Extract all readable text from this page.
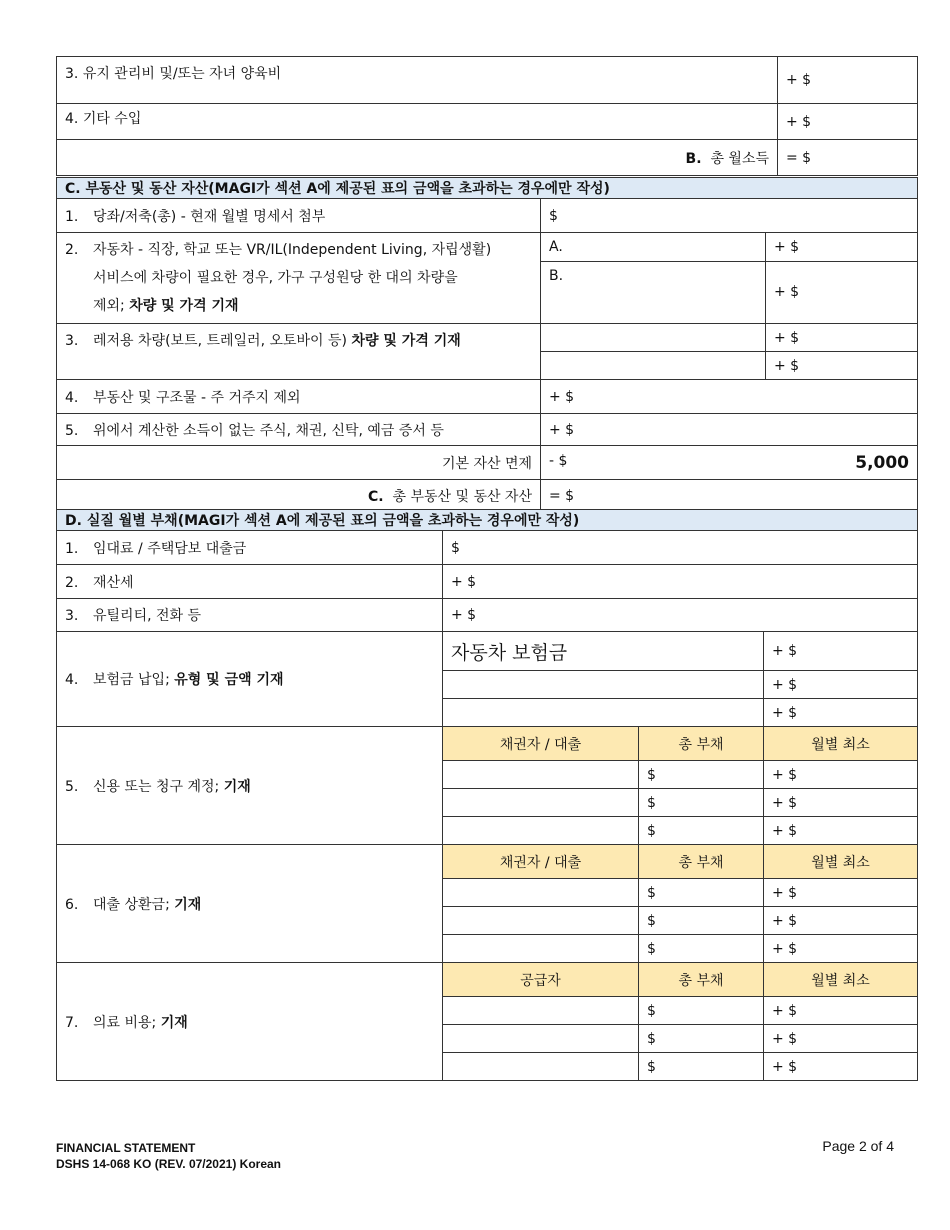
3. 유지 관리비 및/또는 자녀 양육비	+ $
4. 기타 수입	+ $
B. 총 월소득	= $
C. 부동산 및 동산 자산(MAGI가 섹션 A에 제공된 표의 금액을 초과하는 경우에만 작성)		
1. 당좌/저축(총) - 현재 월별 명세서 첨부	$	

2. 자동차 - 직장, 학교 또는 VR/IL(Independent Living, 자립생활)
서비스에 차량이 필요한 경우, 가구 구성원당 한 대의 차량을
제외; 차량 및 가격 기재	A.	+ $
	B.	+ $
3. 레저용 차량(보트, 트레일러, 오토바이 등) 차량 및 가격 기재		+ $
		+ $
4. 부동산 및 구조물 - 주 거주지 제외	+ $	
5. 위에서 계산한 소득이 없는 주식, 채권, 신탁, 예금 증서 등	+ $	
기본 자산 면제	- $ 5,000	

C. 총 부동산 및 동산 자산	= $	
D. 실질 월별 부채(MAGI가 섹션 A에 제공된 표의 금액을 초과하는 경우에만 작성)			
1. 임대료 / 주택담보 대출금	$		
2. 재산세	+ $		
3. 유틸리티, 전화 등	+ $		
4. 보험금 납입; 유형 및 금액 기재	자동차 보험금		+ $
			+ $
			+ $
5. 신용 또는 청구 계정; 기재	채권자 / 대출	총 부채	월별 최소
		$	+ $
		$	+ $
		$	+ $
6. 대출 상환금; 기재	채권자 / 대출	총 부채	월별 최소
		$	+ $
		$	+ $
		$	+ $
7. 의료 비용; 기재	공급자	총 부채	월별 최소
		$	+ $
		$	+ $
		$	+ $
FINANCIAL STATEMENT
DSHS 14-068 KO (REV. 07/2021) Korean
Page 2 of 4
